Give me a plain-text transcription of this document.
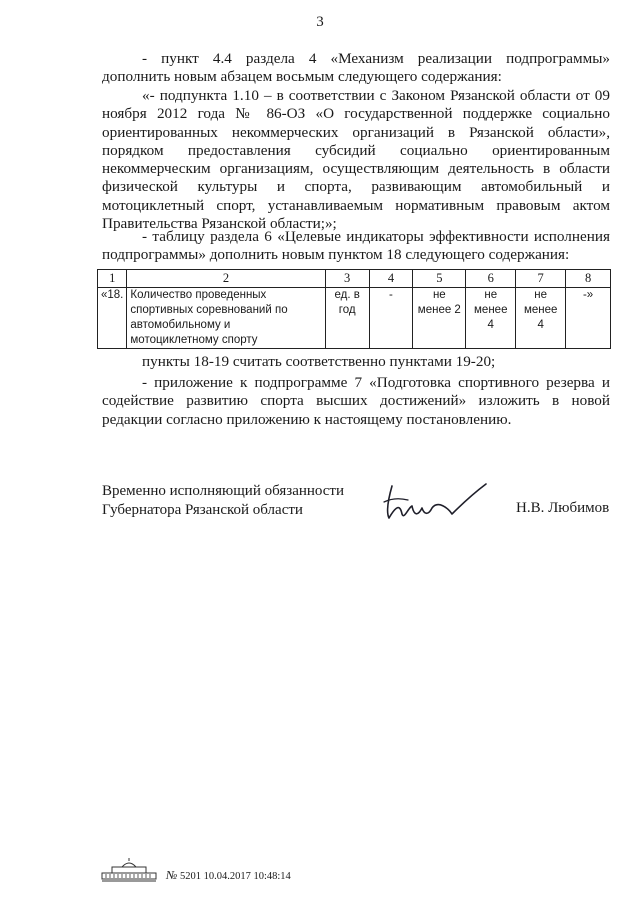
3

- пункт 4.4 раздела 4 «Механизм реализации подпрограммы» дополнить новым абзацем восьмым следующего содержания:

«- подпункта 1.10 – в соответствии с Законом Рязанской области от 09 ноября 2012 года № 86-ОЗ «О государственной поддержке социально ориентированных некоммерческих организаций в Рязанской области», порядком предоставления субсидий социально ориентированным некоммерческим организациям, осуществляющим деятельность в области физической культуры и спорта, развивающим автомобильный и мотоциклетный спорт, устанавливаемым нормативным правовым актом Правительства Рязанской области;»;

- таблицу раздела 6 «Целевые индикаторы эффективности исполнения подпрограммы» дополнить новым пунктом 18 следующего содержания:

1	2	3	4	5	6	7	8
«18.	Количество проведенных спортивных соревнований по автомобильному и мотоциклетному спорту	ед. в год	-	не менее 2	не менее 4	не менее 4	-»

пункты 18-19 считать соответственно пунктами 19-20;

- приложение к подпрограмме 7 «Подготовка спортивного резерва и содействие развитию спорта высших достижений» изложить в новой редакции согласно приложению к настоящему постановлению.

Временно исполняющий обязанности
Губернатора Рязанской области	Н.В. Любимов
№ 5201 10.04.2017 10:48:14
